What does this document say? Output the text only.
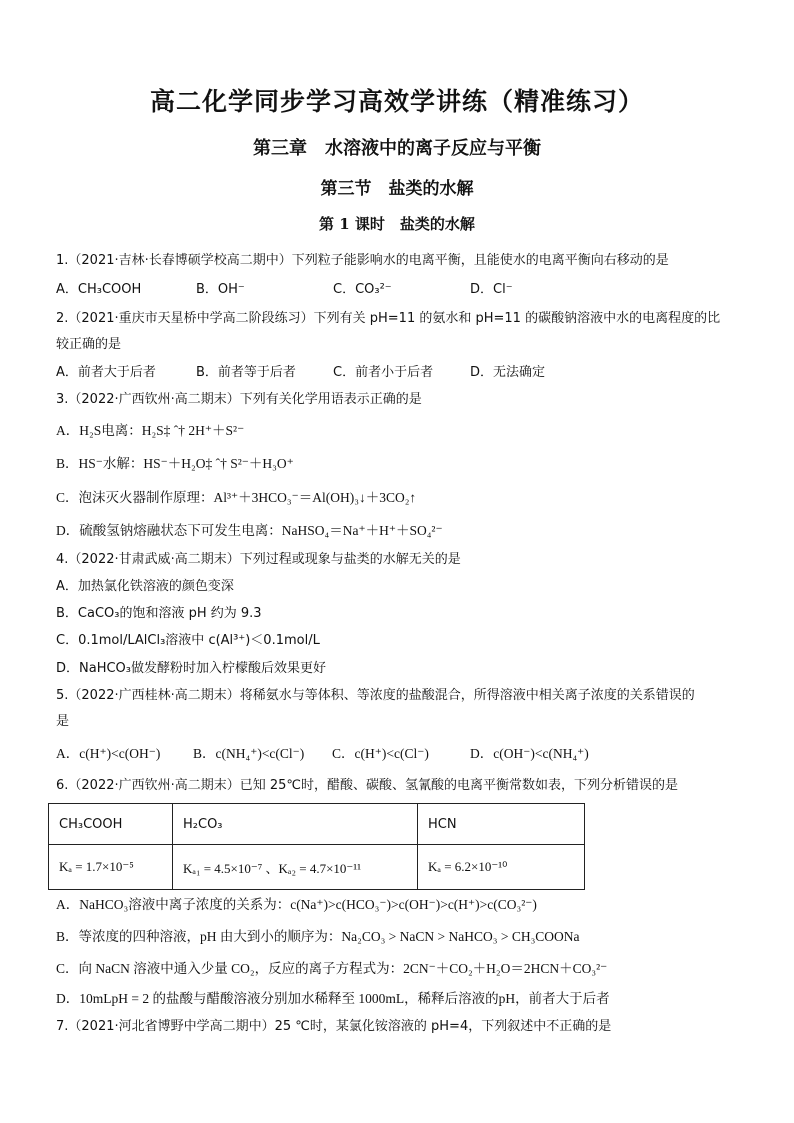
高二化学同步学习高效学讲练（精准练习）
第三章　水溶液中的离子反应与平衡
第三节　盐类的水解
第 1 课时　盐类的水解
1.（2021·吉林·长春博硕学校高二期中）下列粒子能影响水的电离平衡，且能使水的电离平衡向右移动的是
A．CH₃COOH	B．OH⁻	C．CO₃²⁻	D．Cl⁻
2.（2021·重庆市天星桥中学高二阶段练习）下列有关 pH=11 的氨水和 pH=11 的碳酸钠溶液中水的电离程度的比
较正确的是
A．前者大于后者	B．前者等于后者	C．前者小于后者	D．无法确定
3.（2022·广西钦州·高二期末）下列有关化学用语表示正确的是
A．H₂S电离：H₂S‡ ˆ† 2H⁺＋S²⁻
B．HS⁻水解：HS⁻＋H₂O‡ ˆ† S²⁻＋H₃O⁺
C．泡沫灭火器制作原理：Al³⁺＋3HCO₃⁻＝Al(OH)₃↓＋3CO₂↑
D．硫酸氢钠熔融状态下可发生电离：NaHSO₄＝Na⁺＋H⁺＋SO₄²⁻
4.（2022·甘肃武威·高二期末）下列过程或现象与盐类的水解无关的是
A．加热氯化铁溶液的颜色变深
B．CaCO₃的饱和溶液 pH 约为 9.3
C．0.1mol/LAlCl₃溶液中 c(Al³⁺)＜0.1mol/L
D．NaHCO₃做发酵粉时加入柠檬酸后效果更好
5.（2022·广西桂林·高二期末）将稀氨水与等体积、等浓度的盐酸混合，所得溶液中相关离子浓度的关系错误的
是
A．c(H⁺)<c(OH⁻) B．c(NH₄⁺)<c(Cl⁻) C．c(H⁺)<c(Cl⁻)	D．c(OH⁻)<c(NH₄⁺)
6.（2022·广西钦州·高二期末）已知 25℃时，醋酸、碳酸、氢氰酸的电离平衡常数如表，下列分析错误的是
CH₃COOH	H₂CO₃	HCN
Kₐ = 1.7×10⁻⁵	Kₐ₁ = 4.5×10⁻⁷ 、Kₐ₂ = 4.7×10⁻¹¹	Kₐ = 6.2×10⁻¹⁰
A．NaHCO₃溶液中离子浓度的关系为：c(Na⁺)>c(HCO₃⁻)>c(OH⁻)>c(H⁺)>c(CO₃²⁻)
B．等浓度的四种溶液，pH 由大到小的顺序为：Na₂CO₃ > NaCN > NaHCO₃ > CH₃COONa
C．向 NaCN 溶液中通入少量 CO₂，反应的离子方程式为：2CN⁻＋CO₂＋H₂O＝2HCN＋CO₃²⁻
D．10mLpH = 2 的盐酸与醋酸溶液分别加水稀释至 1000mL，稀释后溶液的pH，前者大于后者
7.（2021·河北省博野中学高二期中）25 ℃时，某氯化铵溶液的 pH=4，下列叙述中不正确的是
